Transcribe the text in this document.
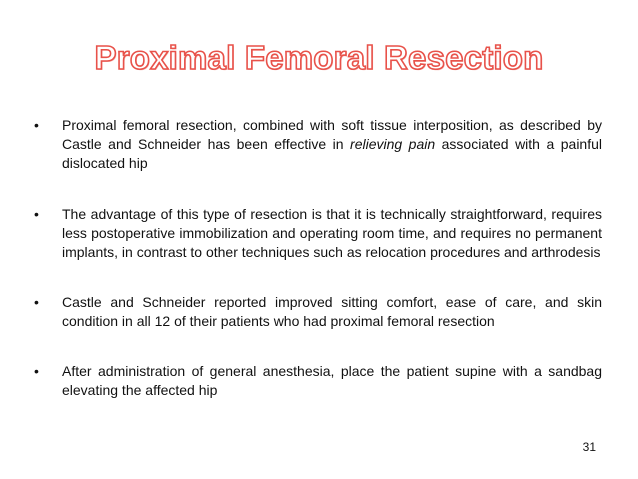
Proximal Femoral Resection
• Proximal femoral resection, combined with soft tissue interposition, as described by Castle and Schneider has been effective in relieving pain associated with a painful dislocated hip
• The advantage of this type of resection is that it is technically straightforward, requires less postoperative immobilization and operating room time, and requires no permanent implants, in contrast to other techniques such as relocation procedures and arthrodesis
• Castle and Schneider reported improved sitting comfort, ease of care, and skin condition in all 12 of their patients who had proximal femoral resection
• After administration of general anesthesia, place the patient supine with a sandbag elevating the affected hip
31
